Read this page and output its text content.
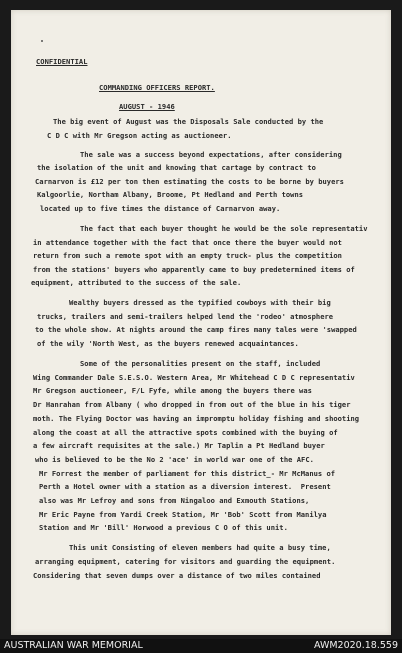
CONFIDENTIAL
COMMANDING OFFICERS REPORT.
AUGUST - 1946
The big event of August was the Disposals Sale conducted by the
C D C with Mr Gregson acting as auctioneer.
The sale was a success beyond expectations, after considering
the isolation of the unit and knowing that cartage by contract to
Carnarvon is £12 per ton then estimating the costs to be borne by buyers
Kalgoorlie, Northam Albany, Broome, Pt Hedland and Perth towns
located up to five times the distance of Carnarvon away.
The fact that each buyer thought he would be the sole representativ
in attendance together with the fact that once there the buyer would not
return from such a remote spot with an empty truck- plus the competition
from the stations' buyers who apparently came to buy predetermined items of
equipment, attributed to the success of the sale.
Wealthy buyers dressed as the typified cowboys with their big
trucks, trailers and semi-trailers helped lend the 'rodeo' atmosphere
to the whole show. At nights around the camp fires many tales were 'swapped
of the wily 'North West, as the buyers renewed acquaintances.
Some of the personalities present on the staff, included
Wing Commander Dale S.E.S.O. Western Area, Mr Whitehead C D C representativ
Mr Gregson auctioneer, F/L Fyfe, while among the buyers there was
Dr Hanrahan from Albany ( who dropped in from out of the blue in his tiger
moth. The Flying Doctor was having an impromptu holiday fishing and shooting
along the coast at all the attractive spots combined with the buying of
a few aircraft requisites at the sale.) Mr Taplin a Pt Hedland buyer
who is believed to be the No 2 'ace' in world war one of the AFC.
Mr Forrest the member of parliament for this district_- Mr McManus of
Perth a Hotel owner with a station as a diversion interest.  Present
also was Mr Lefroy and sons from Ningaloo and Exmouth Stations,
Mr Eric Payne from Yardi Creek Station, Mr 'Bob' Scott from Manilya
Station and Mr 'Bill' Horwood a previous C O of this unit.
This unit Consisting of eleven members had quite a busy time,
arranging equipment, catering for visitors and guarding the equipment.
Considering that seven dumps over a distance of two miles contained
AUSTRALIAN WAR MEMORIAL	AWM2020.18.559
